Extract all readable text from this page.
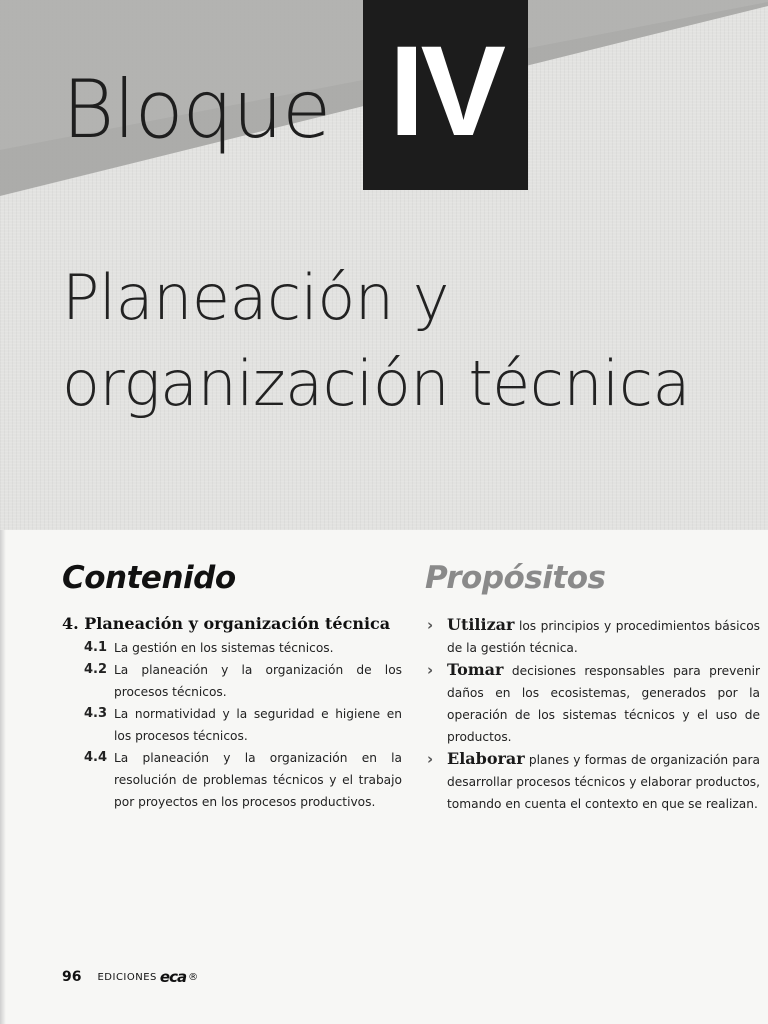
Bloque IV
Planeación y
organización técnica
Contenido
4. Planeación y organización técnica
4.1 La gestión en los sistemas técnicos.
4.2 La planeación y la organización de los procesos técnicos.
4.3 La normatividad y la seguridad e higiene en los procesos técnicos.
4.4 La planeación y la organización en la resolución de problemas técnicos y el trabajo por proyectos en los procesos productivos.
Propósitos
› Utilizar los principios y procedimientos básicos de la gestión técnica.
› Tomar decisiones responsables para prevenir daños en los ecosistemas, generados por la operación de los sistemas técnicos y el uso de productos.
› Elaborar planes y formas de organización para desarrollar procesos técnicos y elaborar productos, tomando en cuenta el contexto en que se realizan.
96 EDICIONES eca ®
